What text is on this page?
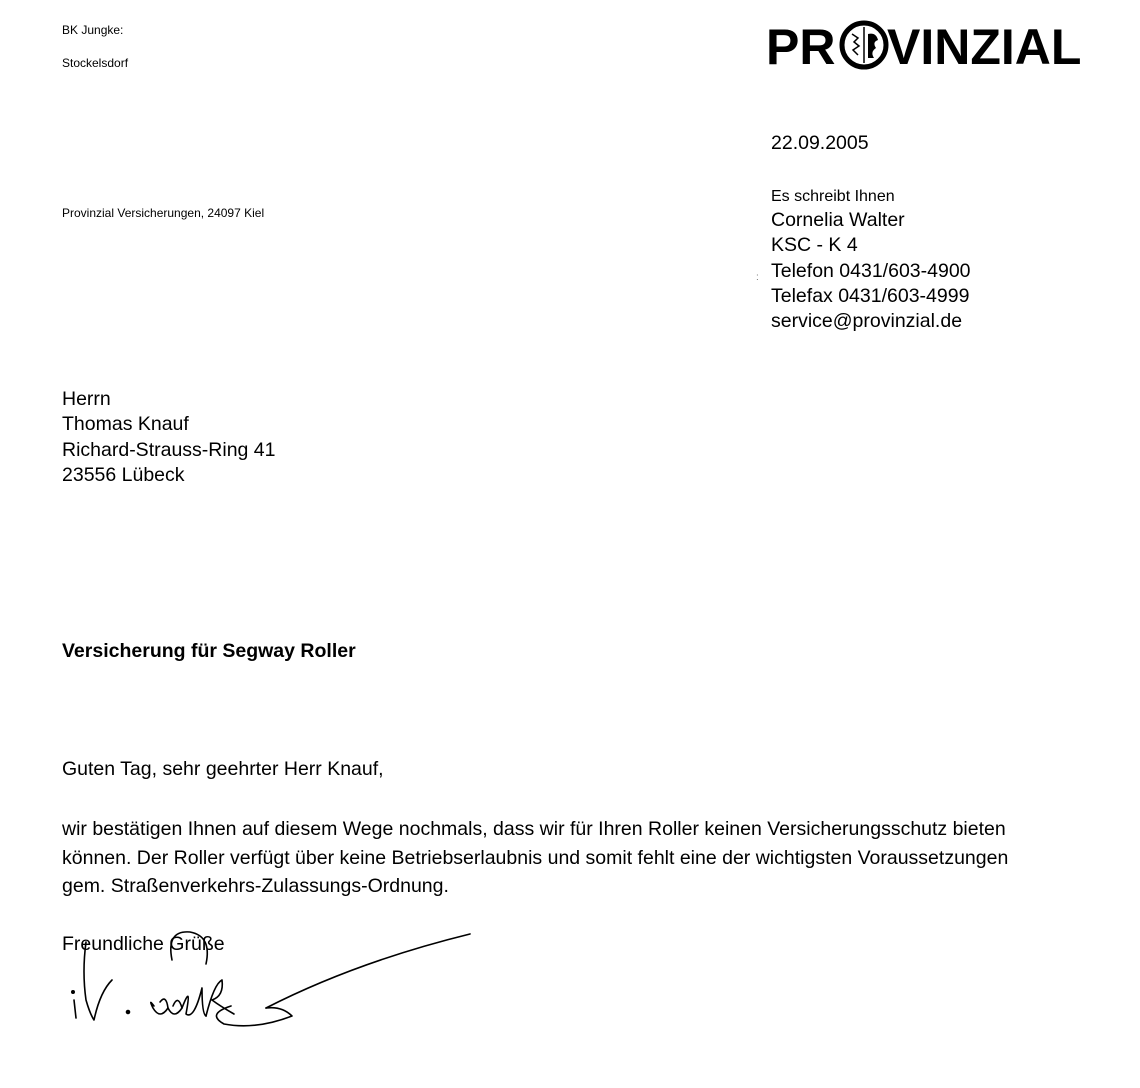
BK Jungke:
Stockelsdorf
Provinzial Versicherungen, 24097 Kiel
PR VINZIAL
22.09.2005
Es schreibt Ihnen
Cornelia Walter
KSC - K 4
Telefon 0431/603-4900
Telefax 0431/603-4999
service@provinzial.de
:
Herrn
Thomas Knauf
Richard-Strauss-Ring 41
23556 Lübeck
Versicherung für Segway Roller
Guten Tag, sehr geehrter Herr Knauf,
wir bestätigen Ihnen auf diesem Wege nochmals, dass wir für Ihren Roller keinen Versicherungsschutz bieten
können. Der Roller verfügt über keine Betriebserlaubnis und somit fehlt eine der wichtigsten Voraussetzungen
gem. Straßenverkehrs-Zulassungs-Ordnung.
Freundliche Grüße
